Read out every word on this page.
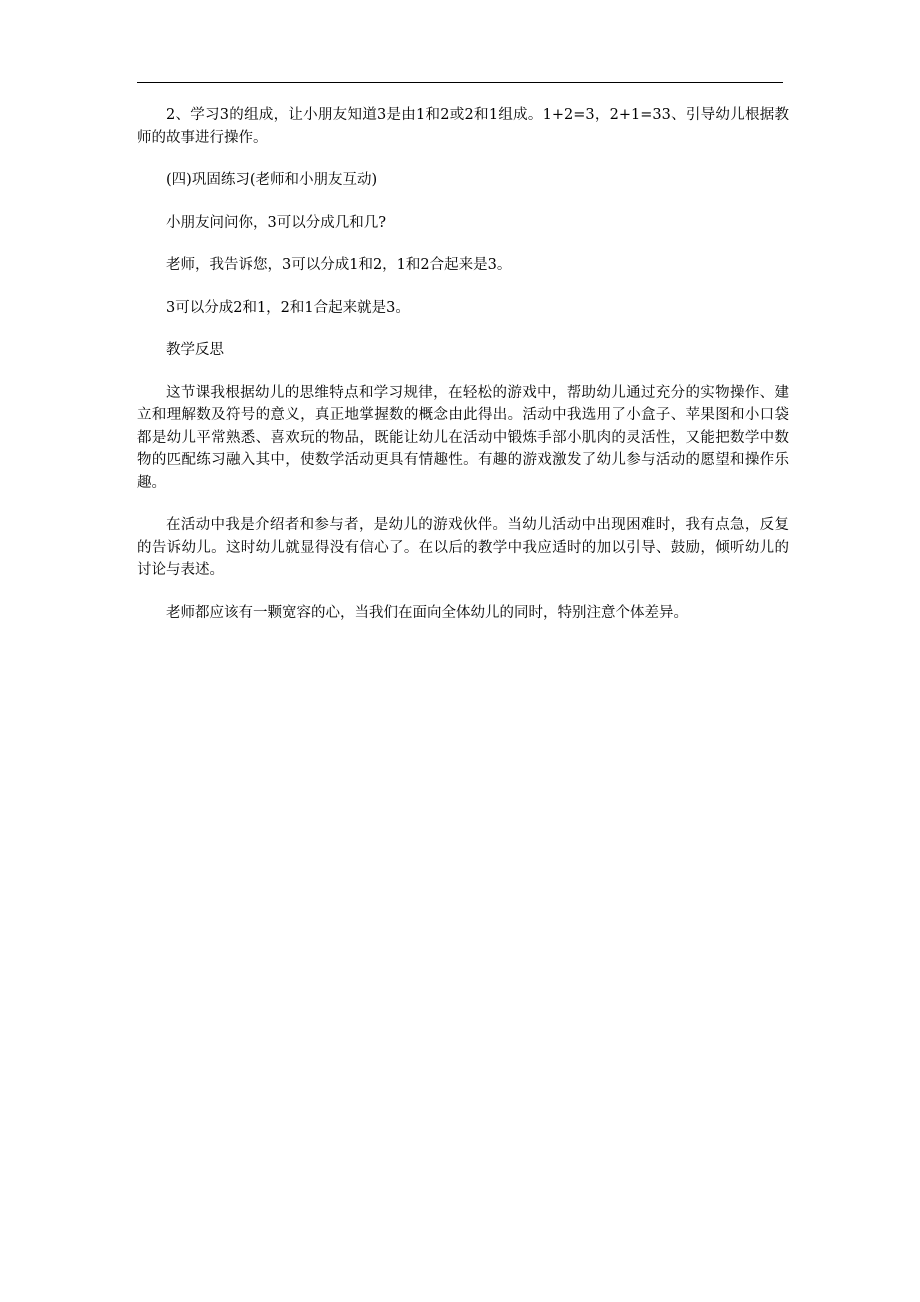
2、学习3的组成，让小朋友知道3是由1和2或2和1组成。1+2=3，2+1=33、引导幼儿根据教师的故事进行操作。

(四)巩固练习(老师和小朋友互动)

小朋友问问你，3可以分成几和几?

老师，我告诉您，3可以分成1和2，1和2合起来是3。

3可以分成2和1，2和1合起来就是3。

教学反思

这节课我根据幼儿的思维特点和学习规律，在轻松的游戏中，帮助幼儿通过充分的实物操作、建立和理解数及符号的意义，真正地掌握数的概念由此得出。活动中我选用了小盒子、苹果图和小口袋都是幼儿平常熟悉、喜欢玩的物品，既能让幼儿在活动中锻炼手部小肌肉的灵活性，又能把数学中数物的匹配练习融入其中，使数学活动更具有情趣性。有趣的游戏激发了幼儿参与活动的愿望和操作乐趣。

在活动中我是介绍者和参与者，是幼儿的游戏伙伴。当幼儿活动中出现困难时，我有点急，反复的告诉幼儿。这时幼儿就显得没有信心了。在以后的教学中我应适时的加以引导、鼓励，倾听幼儿的讨论与表述。

老师都应该有一颗宽容的心，当我们在面向全体幼儿的同时，特别注意个体差异。
